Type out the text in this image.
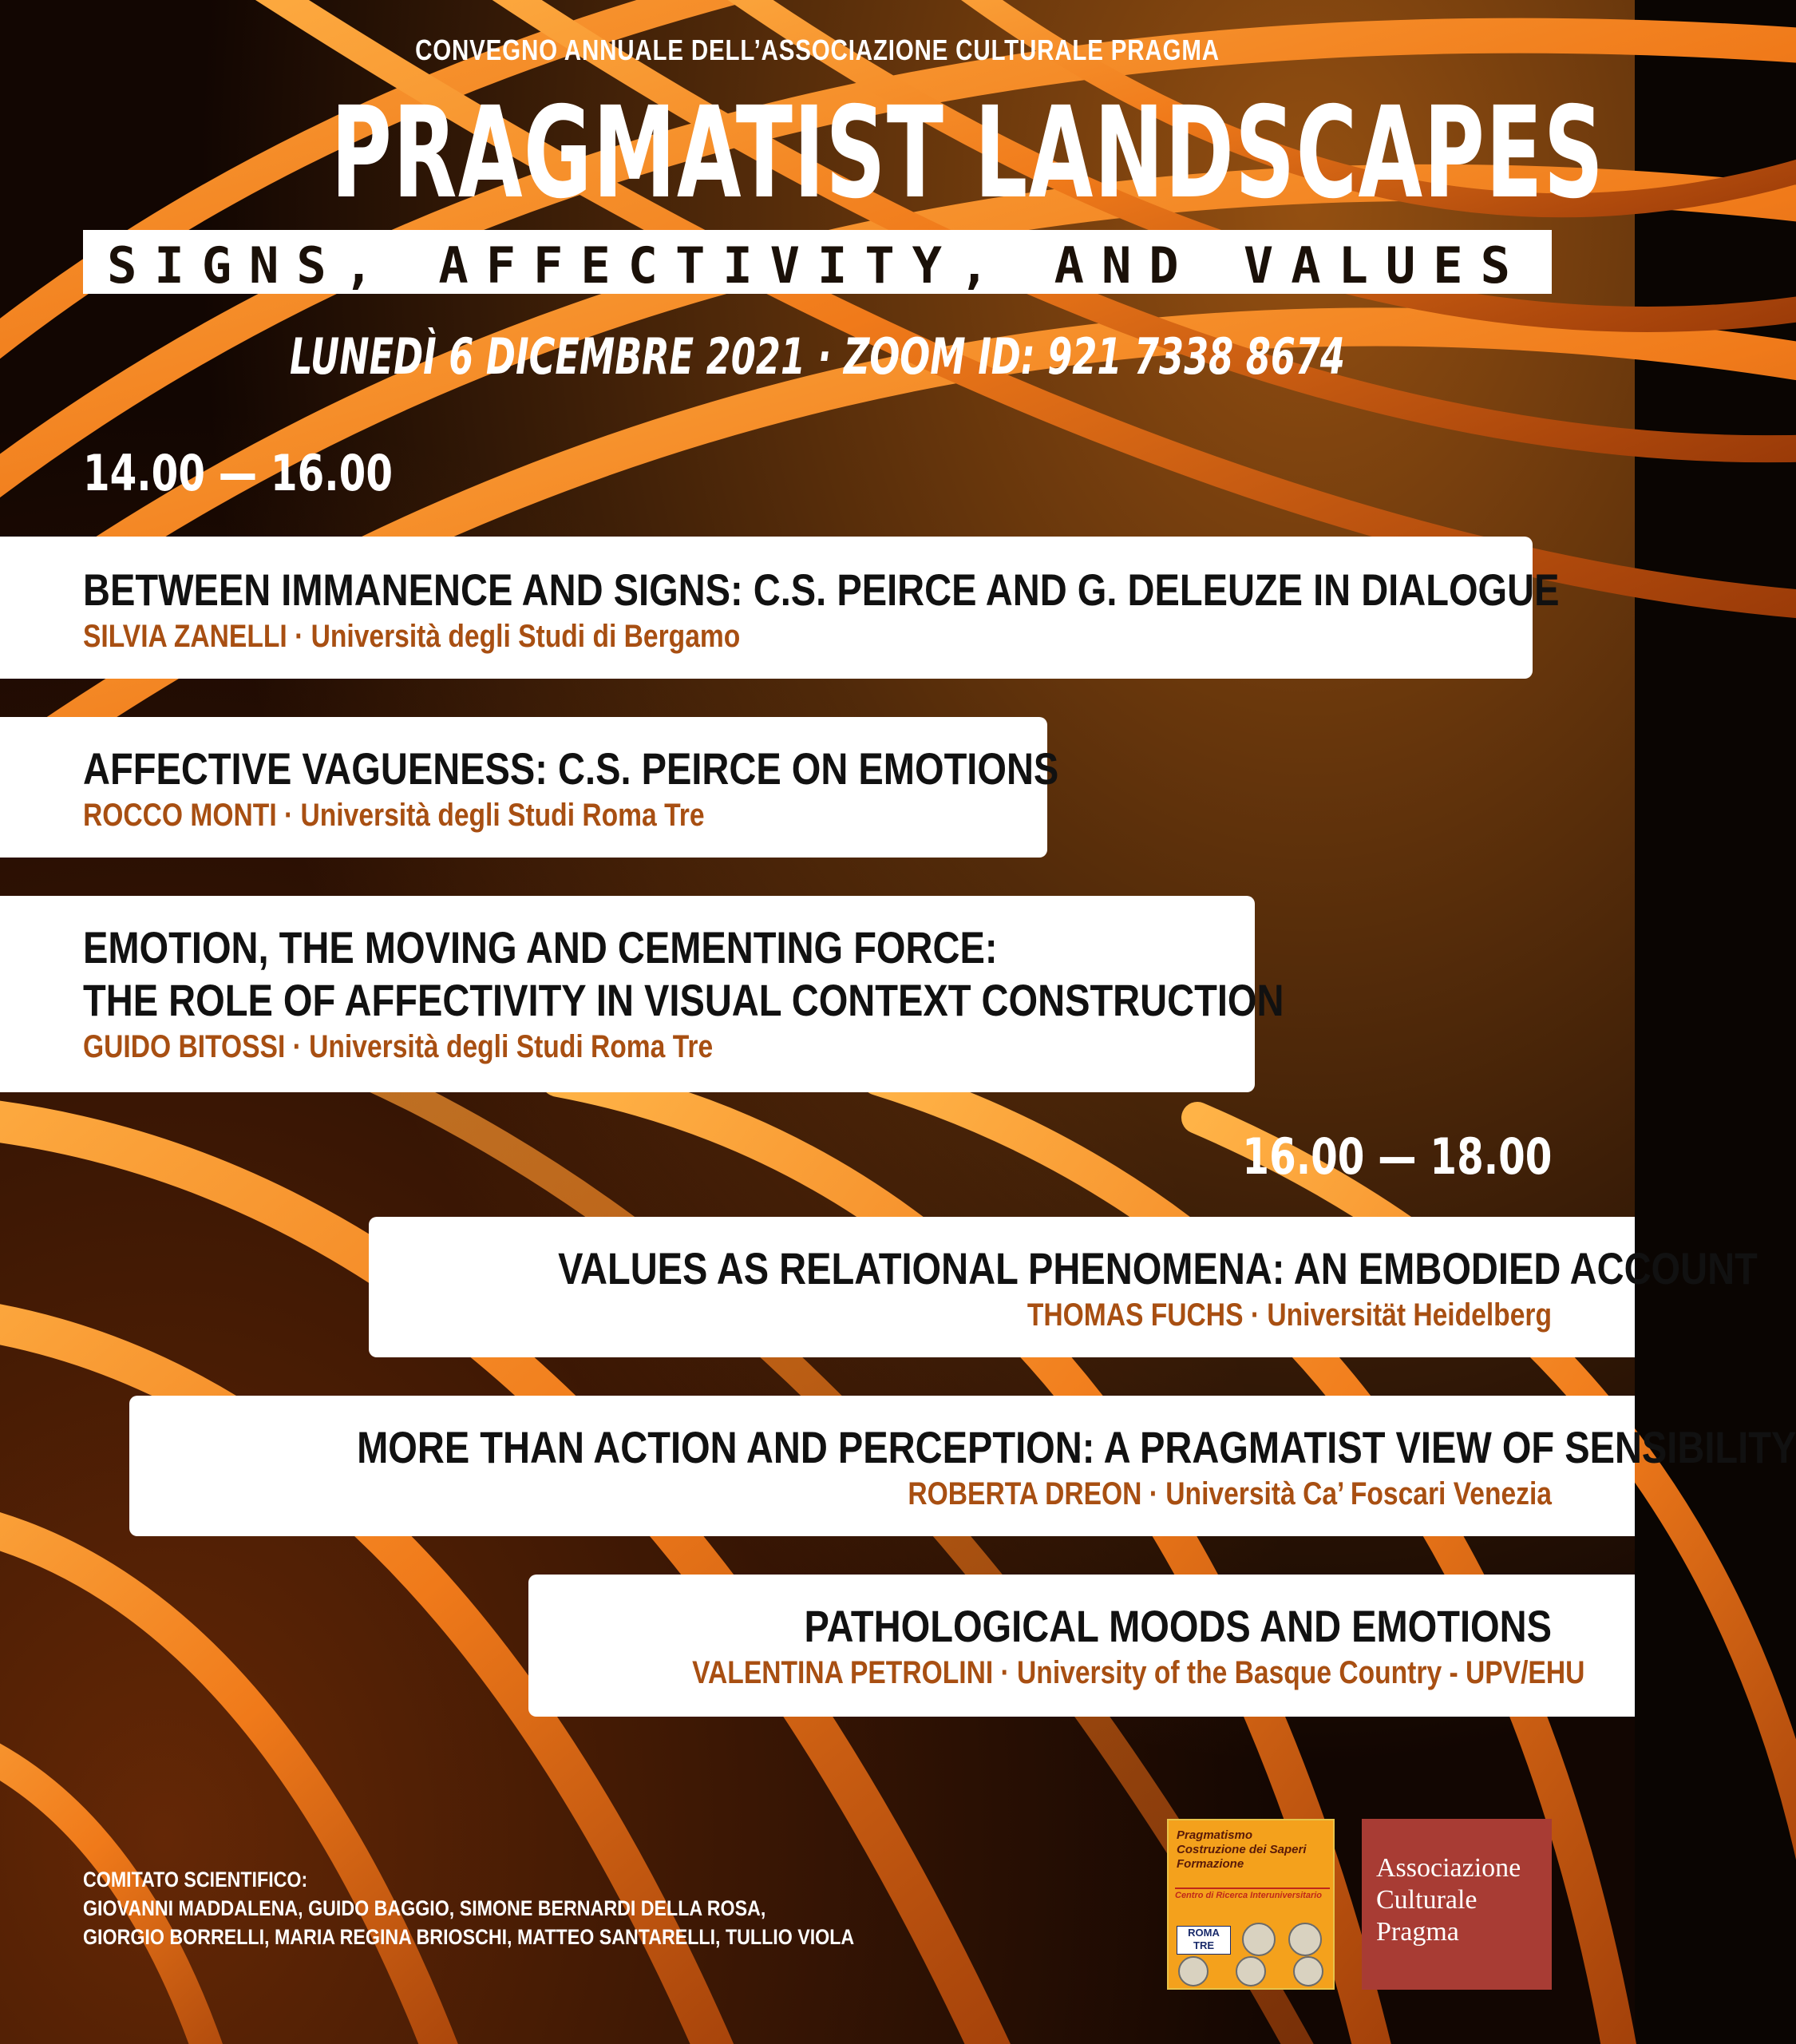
CONVEGNO ANNUALE DELL’ASSOCIAZIONE CULTURALE PRAGMA
PRAGMATIST LANDSCAPES
SIGNS, AFFECTIVITY, AND VALUES
LUNEDÌ 6 DICEMBRE 2021 · ZOOM ID: 921 7338 8674
14.00 — 16.00
BETWEEN IMMANENCE AND SIGNS: C.S. PEIRCE AND G. DELEUZE IN DIALOGUE
SILVIA ZANELLI · Università degli Studi di Bergamo
AFFECTIVE VAGUENESS: C.S. PEIRCE ON EMOTIONS
ROCCO MONTI · Università degli Studi Roma Tre
EMOTION, THE MOVING AND CEMENTING FORCE:
THE ROLE OF AFFECTIVITY IN VISUAL CONTEXT CONSTRUCTION
GUIDO BITOSSI · Università degli Studi Roma Tre
16.00 — 18.00
VALUES AS RELATIONAL PHENOMENA: AN EMBODIED ACCOUNT
THOMAS FUCHS · Universität Heidelberg
MORE THAN ACTION AND PERCEPTION: A PRAGMATIST VIEW OF SENSIBILITY
ROBERTA DREON · Università Ca’ Foscari Venezia
PATHOLOGICAL MOODS AND EMOTIONS
VALENTINA PETROLINI · University of the Basque Country - UPV/EHU
COMITATO SCIENTIFICO:
GIOVANNI MADDALENA, GUIDO BAGGIO, SIMONE BERNARDI DELLA ROSA,
GIORGIO BORRELLI, MARIA REGINA BRIOSCHI, MATTEO SANTARELLI, TULLIO VIOLA
Pragmatismo
Costruzione dei Saperi
Formazione
Centro di Ricerca Interuniversitario
ROMA TRE
Associazione
Culturale
Pragma
